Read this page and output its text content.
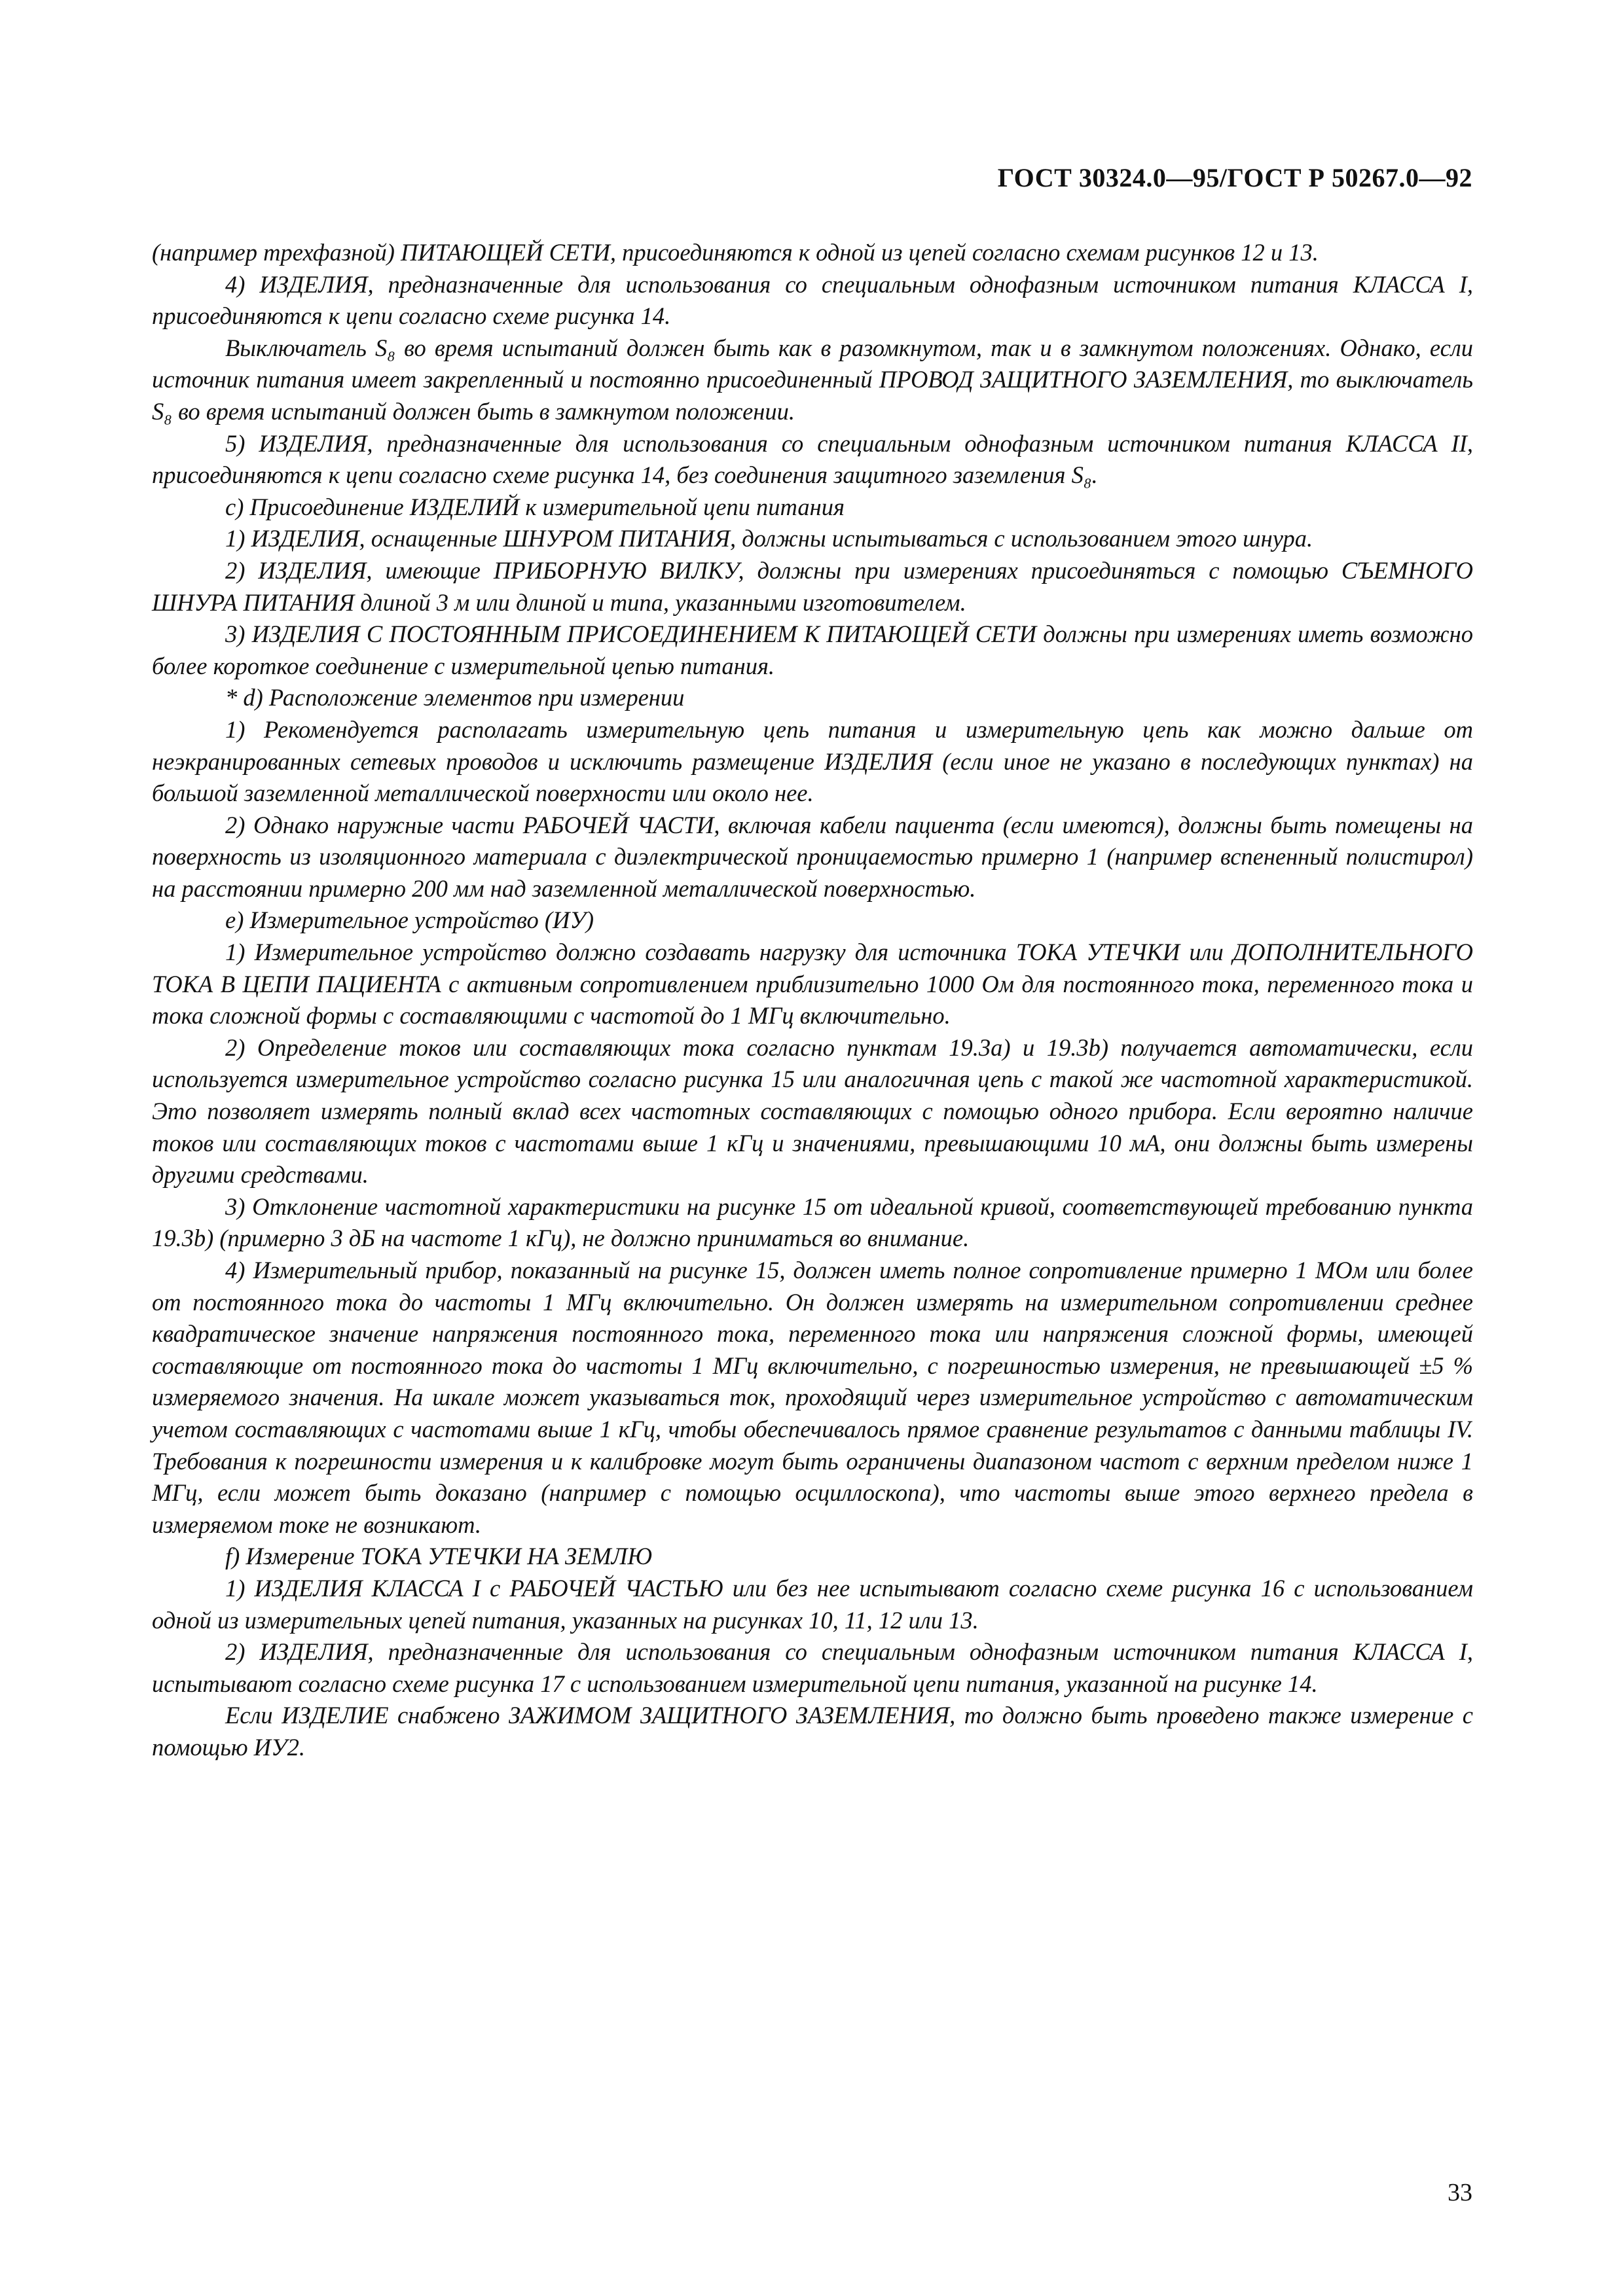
ГОСТ 30324.0—95/ГОСТ Р 50267.0—92

(например трехфазной) ПИТАЮЩЕЙ СЕТИ, присоединяются к одной из цепей согласно схемам рисунков 12 и 13.

4) ИЗДЕЛИЯ, предназначенные для использования со специальным однофазным источником питания КЛАССА I, присоединяются к цепи согласно схеме рисунка 14.

Выключатель S₈ во время испытаний должен быть как в разомкнутом, так и в замкнутом положениях. Однако, если источник питания имеет закрепленный и постоянно присоединенный ПРОВОД ЗАЩИТНОГО ЗАЗЕМЛЕНИЯ, то выключатель S₈ во время испытаний должен быть в замкнутом положении.

5) ИЗДЕЛИЯ, предназначенные для использования со специальным однофазным источником питания КЛАССА II, присоединяются к цепи согласно схеме рисунка 14, без соединения защитного заземления S₈.

с) Присоединение ИЗДЕЛИЙ к измерительной цепи питания

1) ИЗДЕЛИЯ, оснащенные ШНУРОМ ПИТАНИЯ, должны испытываться с использованием этого шнура.

2) ИЗДЕЛИЯ, имеющие ПРИБОРНУЮ ВИЛКУ, должны при измерениях присоединяться с помощью СЪЕМНОГО ШНУРА ПИТАНИЯ длиной 3 м или длиной и типа, указанными изготовителем.

3) ИЗДЕЛИЯ С ПОСТОЯННЫМ ПРИСОЕДИНЕНИЕМ К ПИТАЮЩЕЙ СЕТИ должны при измерениях иметь возможно более короткое соединение с измерительной цепью питания.

* d) Расположение элементов при измерении

1) Рекомендуется располагать измерительную цепь питания и измерительную цепь как можно дальше от неэкранированных сетевых проводов и исключить размещение ИЗДЕЛИЯ (если иное не указано в последующих пунктах) на большой заземленной металлической поверхности или около нее.

2) Однако наружные части РАБОЧЕЙ ЧАСТИ, включая кабели пациента (если имеются), должны быть помещены на поверхность из изоляционного материала с диэлектрической проницаемостью примерно 1 (например вспененный полистирол) на расстоянии примерно 200 мм над заземленной металлической поверхностью.

е) Измерительное устройство (ИУ)

1) Измерительное устройство должно создавать нагрузку для источника ТОКА УТЕЧКИ или ДОПОЛНИТЕЛЬНОГО ТОКА В ЦЕПИ ПАЦИЕНТА с активным сопротивлением приблизительно 1000 Ом для постоянного тока, переменного тока и тока сложной формы с составляющими с частотой до 1 МГц включительно.

2) Определение токов или составляющих тока согласно пунктам 19.3а) и 19.3b) получается автоматически, если используется измерительное устройство согласно рисунка 15 или аналогичная цепь с такой же частотной характеристикой. Это позволяет измерять полный вклад всех частотных составляющих с помощью одного прибора. Если вероятно наличие токов или составляющих токов с частотами выше 1 кГц и значениями, превышающими 10 мА, они должны быть измерены другими средствами.

3) Отклонение частотной характеристики на рисунке 15 от идеальной кривой, соответствующей требованию пункта 19.3b) (примерно 3 дБ на частоте 1 кГц), не должно приниматься во внимание.

4) Измерительный прибор, показанный на рисунке 15, должен иметь полное сопротивление примерно 1 МОм или более от постоянного тока до частоты 1 МГц включительно. Он должен измерять на измерительном сопротивлении среднее квадратическое значение напряжения постоянного тока, переменного тока или напряжения сложной формы, имеющей составляющие от постоянного тока до частоты 1 МГц включительно, с погрешностью измерения, не превышающей ±5 % измеряемого значения. На шкале может указываться ток, проходящий через измерительное устройство с автоматическим учетом составляющих с частотами выше 1 кГц, чтобы обеспечивалось прямое сравнение результатов с данными таблицы IV. Требования к погрешности измерения и к калибровке могут быть ограничены диапазоном частот с верхним пределом ниже 1 МГц, если может быть доказано (например с помощью осциллоскопа), что частоты выше этого верхнего предела в измеряемом токе не возникают.

f) Измерение ТОКА УТЕЧКИ НА ЗЕМЛЮ

1) ИЗДЕЛИЯ КЛАССА I с РАБОЧЕЙ ЧАСТЬЮ или без нее испытывают согласно схеме рисунка 16 с использованием одной из измерительных цепей питания, указанных на рисунках 10, 11, 12 или 13.

2) ИЗДЕЛИЯ, предназначенные для использования со специальным однофазным источником питания КЛАССА I, испытывают согласно схеме рисунка 17 с использованием измерительной цепи питания, указанной на рисунке 14.

Если ИЗДЕЛИЕ снабжено ЗАЖИМОМ ЗАЩИТНОГО ЗАЗЕМЛЕНИЯ, то должно быть проведено также измерение с помощью ИУ2.

33
